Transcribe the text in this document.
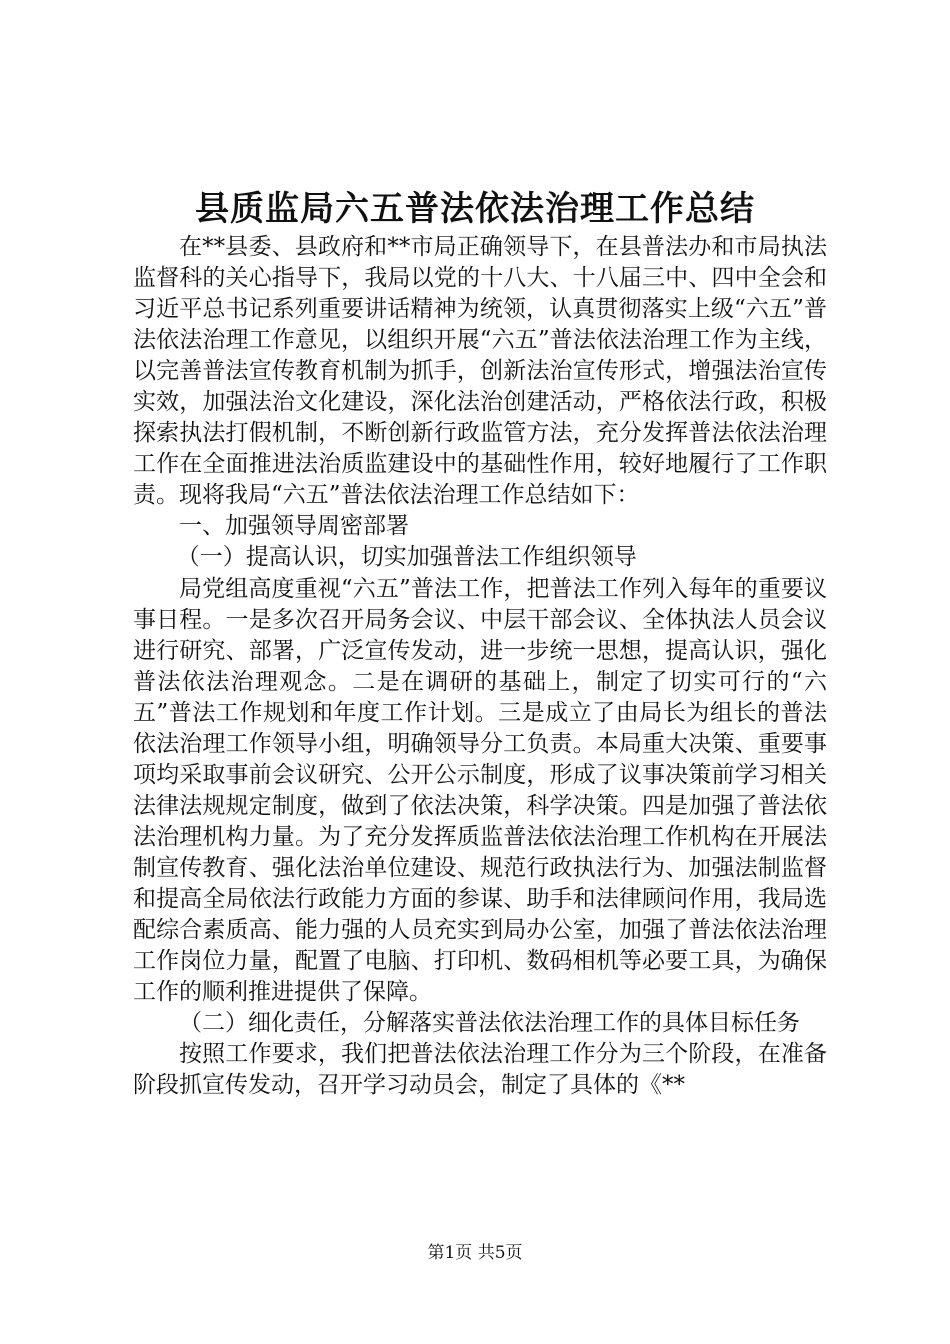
县质监局六五普法依法治理工作总结

在**县委、县政府和**市局正确领导下，在县普法办和市局执法监督科的关心指导下，我局以党的十八大、十八届三中、四中全会和习近平总书记系列重要讲话精神为统领，认真贯彻落实上级“六五”普法依法治理工作意见，以组织开展“六五”普法依法治理工作为主线，以完善普法宣传教育机制为抓手，创新法治宣传形式，增强法治宣传实效，加强法治文化建设，深化法治创建活动，严格依法行政，积极探索执法打假机制，不断创新行政监管方法，充分发挥普法依法治理工作在全面推进法治质监建设中的基础性作用，较好地履行了工作职责。现将我局“六五”普法依法治理工作总结如下：

一、加强领导周密部署

（一）提高认识，切实加强普法工作组织领导

局党组高度重视“六五”普法工作，把普法工作列入每年的重要议事日程。一是多次召开局务会议、中层干部会议、全体执法人员会议进行研究、部署，广泛宣传发动，进一步统一思想，提高认识，强化普法依法治理观念。二是在调研的基础上，制定了切实可行的“六五”普法工作规划和年度工作计划。三是成立了由局长为组长的普法依法治理工作领导小组，明确领导分工负责。本局重大决策、重要事项均采取事前会议研究、公开公示制度，形成了议事决策前学习相关法律法规规定制度，做到了依法决策，科学决策。四是加强了普法依法治理机构力量。为了充分发挥质监普法依法治理工作机构在开展法制宣传教育、强化法治单位建设、规范行政执法行为、加强法制监督和提高全局依法行政能力方面的参谋、助手和法律顾问作用，我局选配综合素质高、能力强的人员充实到局办公室，加强了普法依法治理工作岗位力量，配置了电脑、打印机、数码相机等必要工具，为确保工作的顺利推进提供了保障。

（二）细化责任，分解落实普法依法治理工作的具体目标任务

按照工作要求，我们把普法依法治理工作分为三个阶段，在准备阶段抓宣传发动，召开学习动员会，制定了具体的《**

第1页 共5页
